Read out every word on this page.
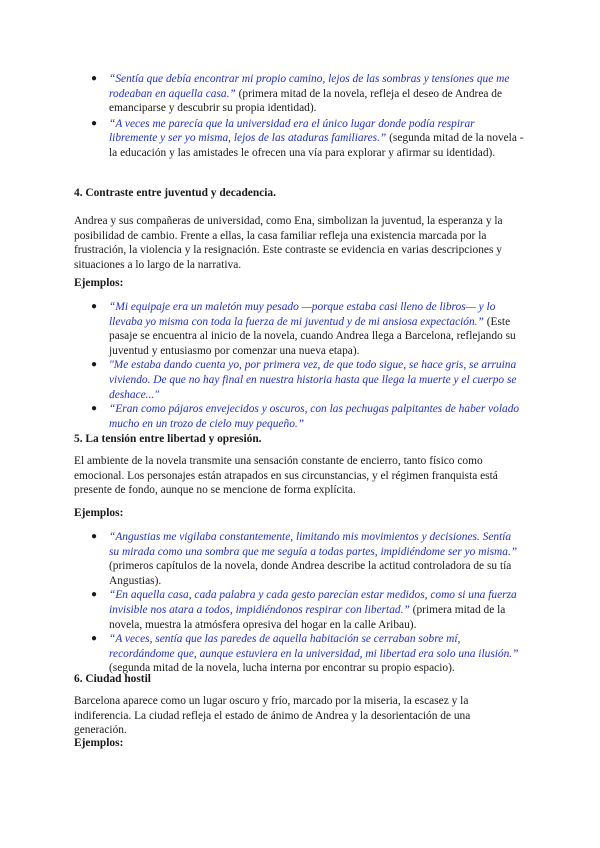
● “Sentía que debía encontrar mi propio camino, lejos de las sombras y tensiones que me rodeaban en aquella casa.” (primera mitad de la novela, refleja el deseo de Andrea de emanciparse y descubrir su propia identidad).
● “A veces me parecía que la universidad era el único lugar donde podía respirar libremente y ser yo misma, lejos de las ataduras familiares.” (segunda mitad de la novela -la educación y las amistades le ofrecen una vía para explorar y afirmar su identidad).

4. Contraste entre juventud y decadencia.

Andrea y sus compañeras de universidad, como Ena, simbolizan la juventud, la esperanza y la posibilidad de cambio. Frente a ellas, la casa familiar refleja una existencia marcada por la frustración, la violencia y la resignación. Este contraste se evidencia en varias descripciones y situaciones a lo largo de la narrativa.

Ejemplos:

● “Mi equipaje era un maletón muy pesado —porque estaba casi lleno de libros— y lo llevaba yo misma con toda la fuerza de mi juventud y de mi ansiosa expectación.” (Este pasaje se encuentra al inicio de la novela, cuando Andrea llega a Barcelona, reflejando su juventud y entusiasmo por comenzar una nueva etapa).
● "Me estaba dando cuenta yo, por primera vez, de que todo sigue, se hace gris, se arruina viviendo. De que no hay final en nuestra historia hasta que llega la muerte y el cuerpo se deshace..."
● “Eran como pájaros envejecidos y oscuros, con las pechugas palpitantes de haber volado mucho en un trozo de cielo muy pequeño.”

5. La tensión entre libertad y opresión.

El ambiente de la novela transmite una sensación constante de encierro, tanto físico como emocional. Los personajes están atrapados en sus circunstancias, y el régimen franquista está presente de fondo, aunque no se mencione de forma explícita.

Ejemplos:

● “Angustias me vigilaba constantemente, limitando mis movimientos y decisiones. Sentía su mirada como una sombra que me seguía a todas partes, impidiéndome ser yo misma.” (primeros capítulos de la novela, donde Andrea describe la actitud controladora de su tía Angustias).
● “En aquella casa, cada palabra y cada gesto parecían estar medidos, como si una fuerza invisible nos atara a todos, impidiéndonos respirar con libertad.” (primera mitad de la novela, muestra la atmósfera opresiva del hogar en la calle Aribau).
● “A veces, sentía que las paredes de aquella habitación se cerraban sobre mí, recordándome que, aunque estuviera en la universidad, mi libertad era solo una ilusión.” (segunda mitad de la novela, lucha interna por encontrar su propio espacio).

6. Ciudad hostil

Barcelona aparece como un lugar oscuro y frío, marcado por la miseria, la escasez y la indiferencia. La ciudad refleja el estado de ánimo de Andrea y la desorientación de una generación.

Ejemplos:
